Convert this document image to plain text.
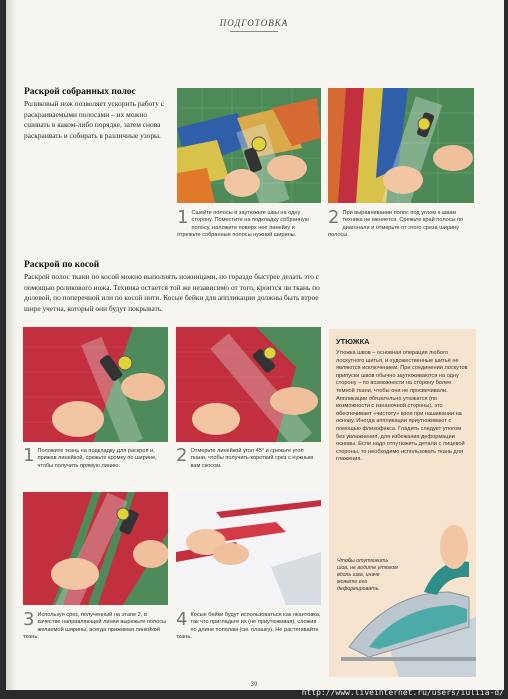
ПОДГОТОВКА
Раскрой собранных полос
Роликовый нож позволяет ускорить работу с раскраиваемыми полосами – их можно сшивать в каком-либо порядке, затем снова раскраивать и собирать в различные узоры.
1 Сшейте полосы и заутюжьте швы на одну сторону. Поместите на подкладку собранную полосу, наложите поверх нее линейку и отрежьте собранные полосы нужной ширины.
2 При выравнивании полос под углом к швам техника не меняется. Срежьте край полосы по диагонали и отмерьте от этого среза ширину полосы.
Раскрой по косой
Раскрой полос ткани по косой можно выполнять ножницами, но гораздо быстрее делать это с помощью роликового ножа. Техника остается той же независимо от того, кроится ли ткань по долевой, по поперечной или по косой нити. Косые бейки для аппликации должны быть втрое шире учетна, который они будут покрывать.
1 Положите ткань на подкладку для раскроя и, прижав линейкой, срежьте кромку по ширине, чтобы получить прямую линию.	2 Отмерьте линейкой угол 45° и срежьте угол ткани, чтобы получить короткий срез с нужным вам скосом.
3 Используя срез, полученный на этапе 2, в качестве направляющей линии вырежьте полосы желаемой ширины, всегда прижимая линейкой ткань.
4 Косые бейки будут использоваться как окантовка, так что пригладьте их (не приутюживая), сложив по длине пополам (см. плашку). Не растягивайте ткань.
УТЮЖКА
Утюжка швов – основная операция любого лоскутного шитья, и художественные шитьё не являются исключением. При соединении лоскутов припуски швов обычно заутюживаются на одну сторону – по возможности на сторону более темной ткани, чтобы они не просвечивали. Аппликации обязательно утюжатся (по возможности с изнаночной стороны), это обеспечивает «чистоту» кроя при нашивании на основу. Иногда аппликации приутюживают с помощью флизофикса. Гладить следует утюгом без увлажнения, для избежания деформации основы. Если надо отпутюжить детали с лицевой стороны, то необходимо использовать ткань для глажения.
Чтобы отутюжить шов, не водите утюгом вдоль шва, иначе можете его деформировать.
39
http://www.liveinternet.ru/users/iuliia-d/
